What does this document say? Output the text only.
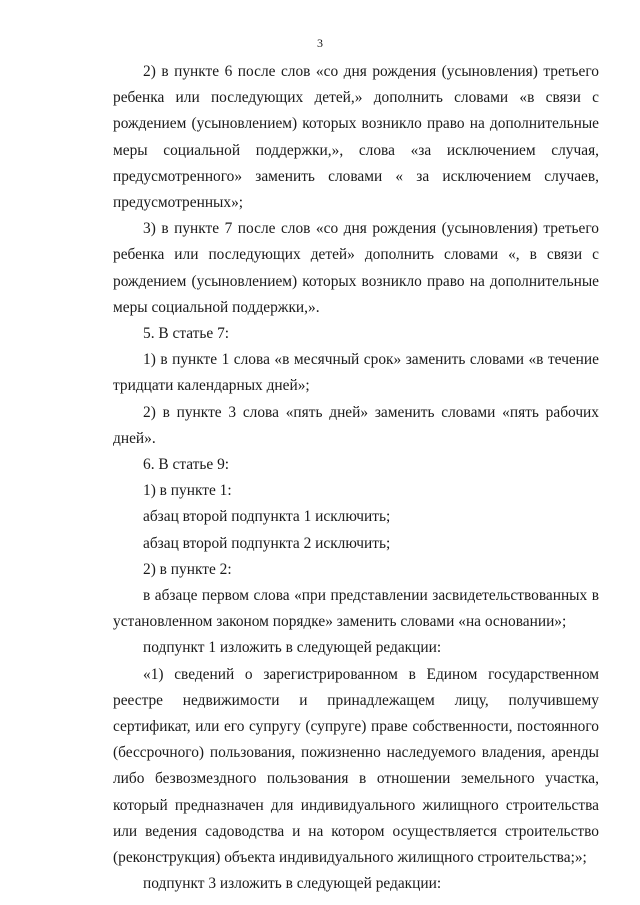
3

2) в пункте 6 после слов «со дня рождения (усыновления) третьего ребенка или последующих детей,» дополнить словами «в связи с рождением (усыновлением) которых возникло право на дополнительные меры социальной поддержки,», слова «за исключением случая, предусмотренного» заменить словами « за исключением случаев, предусмотренных»;

3) в пункте 7 после слов «со дня рождения (усыновления) третьего ребенка или последующих детей» дополнить словами «, в связи с рождением (усыновлением) которых возникло право на дополнительные меры социальной поддержки,».

5. В статье 7:

1) в пункте 1 слова «в месячный срок» заменить словами «в течение тридцати календарных дней»;

2) в пункте 3 слова «пять дней» заменить словами «пять рабочих дней».

6. В статье 9:

1) в пункте 1:

абзац второй подпункта 1 исключить;

абзац второй подпункта 2 исключить;

2) в пункте 2:

в абзаце первом слова «при представлении засвидетельствованных в установленном законом порядке» заменить словами «на основании»;

подпункт 1 изложить в следующей редакции:

«1) сведений о зарегистрированном в Едином государственном реестре недвижимости и принадлежащем лицу, получившему сертификат, или его супругу (супруге) праве собственности, постоянного (бессрочного) пользования, пожизненно наследуемого владения, аренды либо безвозмездного пользования в отношении земельного участка, который предназначен для индивидуального жилищного строительства или ведения садоводства и на котором осуществляется строительство (реконструкция) объекта индивидуального жилищного строительства;»;

подпункт 3 изложить в следующей редакции:
